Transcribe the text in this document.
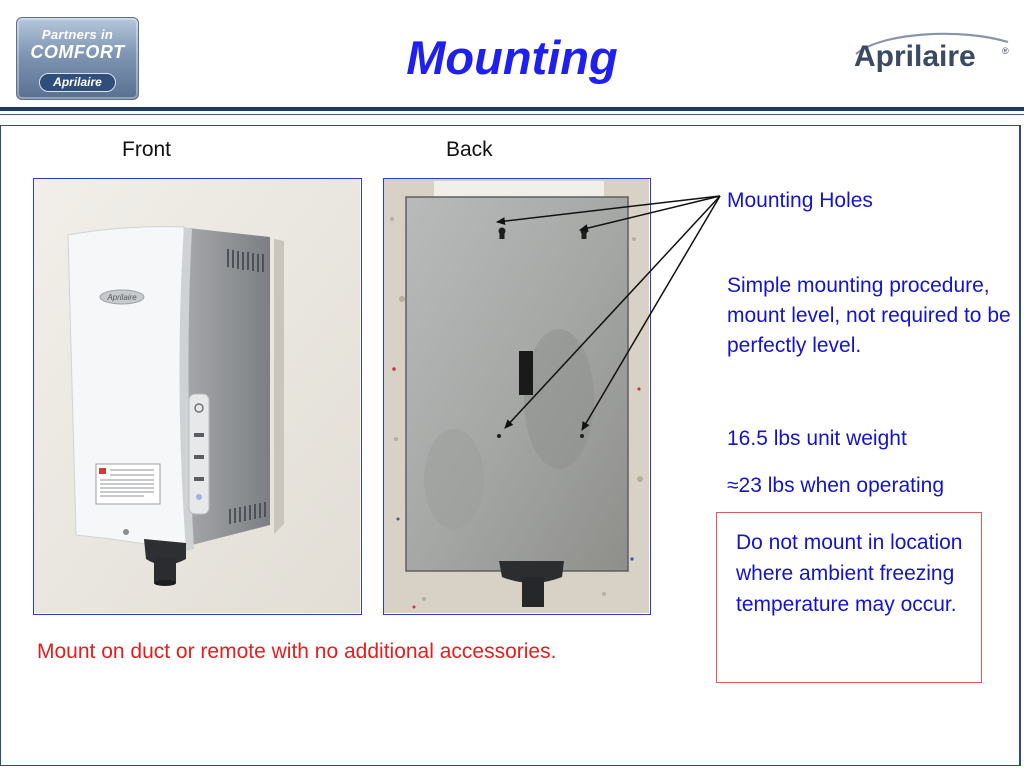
Partners in
COMFORT
Aprilaire	Mounting	Aprilaire	®
Front	Back
Aprilaire
Mounting Holes
Simple mounting procedure, mount level, not required to be perfectly level.
16.5 lbs unit weight
≈23 lbs when operating
Do not mount in location where ambient freezing temperature may occur.
Mount on duct or remote with no additional accessories.
